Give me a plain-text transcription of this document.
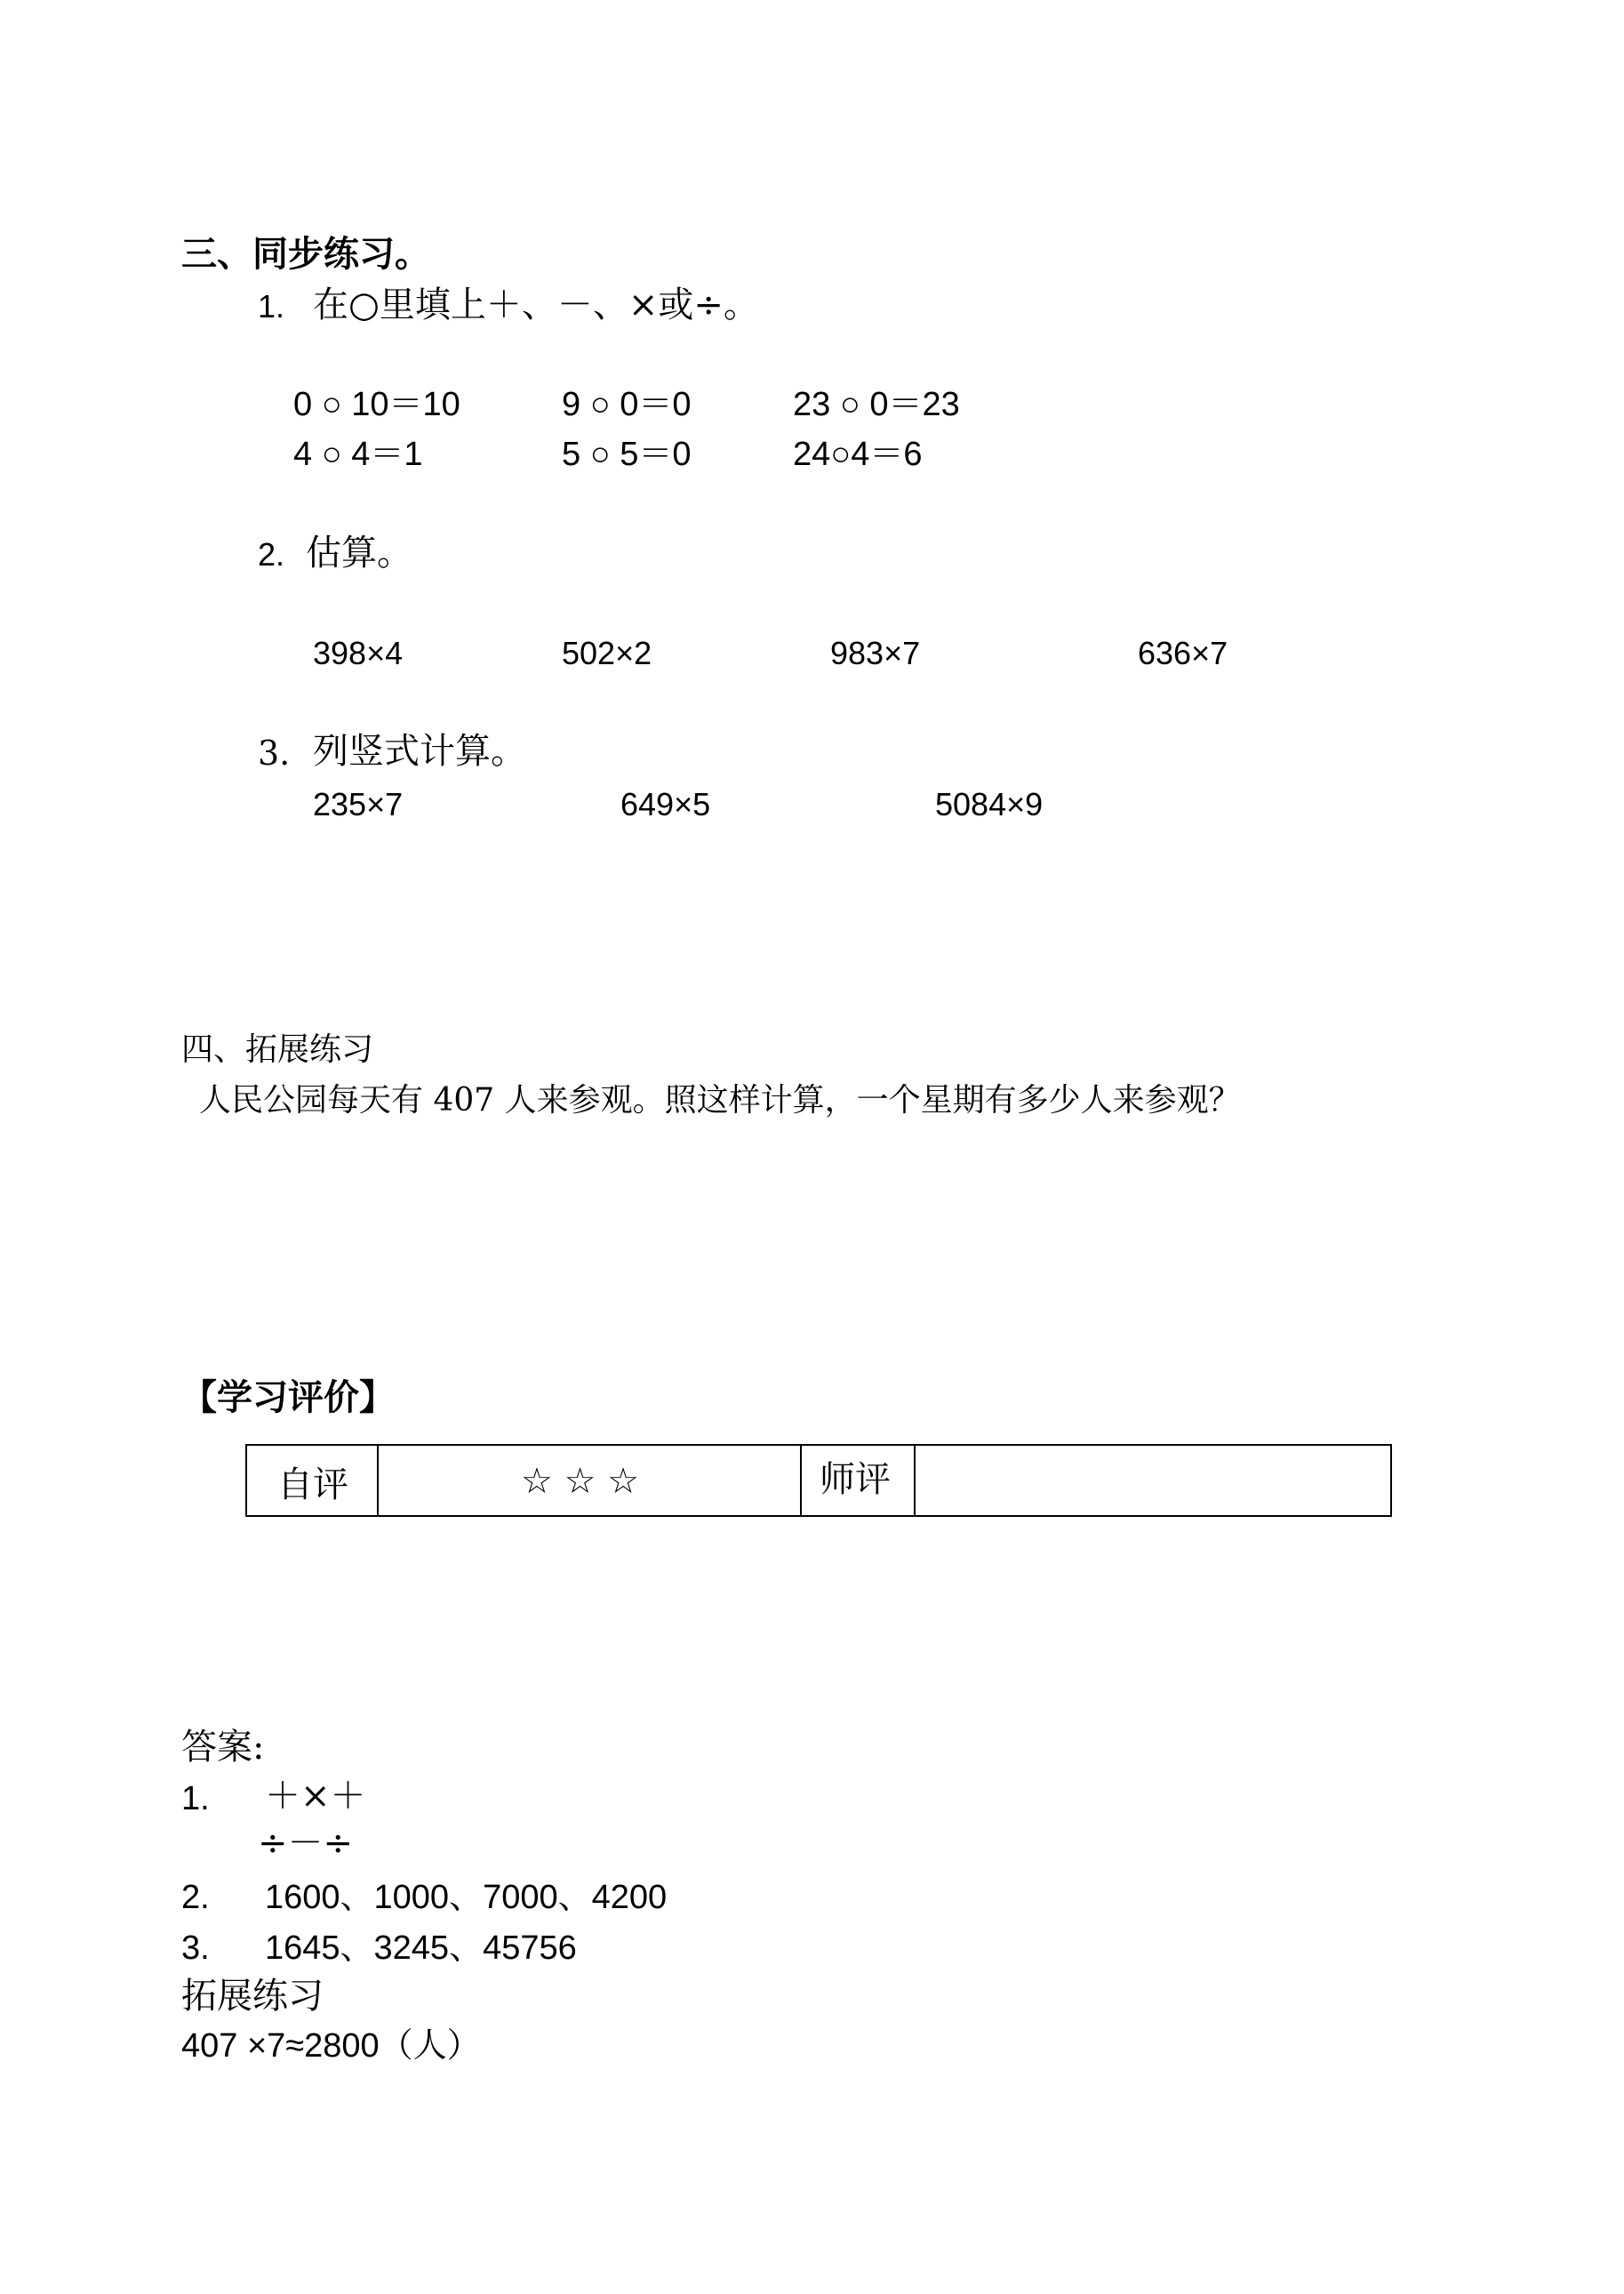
三、同步练习。
1. 在○里填上＋、－、×或÷。
0 ○ 10＝10	9 ○ 0＝0	23 ○ 0＝23
4 ○ 4＝1	5 ○ 5＝0	24○4＝6
2. 估算。
398×4	502×2	983×7	636×7
3. 列竖式计算。
235×7	649×5	5084×9
四、拓展练习
人民公园每天有 407 人来参观。照这样计算，一个星期有多少人来参观？
【学习评价】
自评	☆ ☆ ☆	师评
答案:
1. ＋×＋
÷－÷
2. 1600、1000、7000、4200
3. 1645、3245、45756
拓展练习
407 ×7≈2800（人）
